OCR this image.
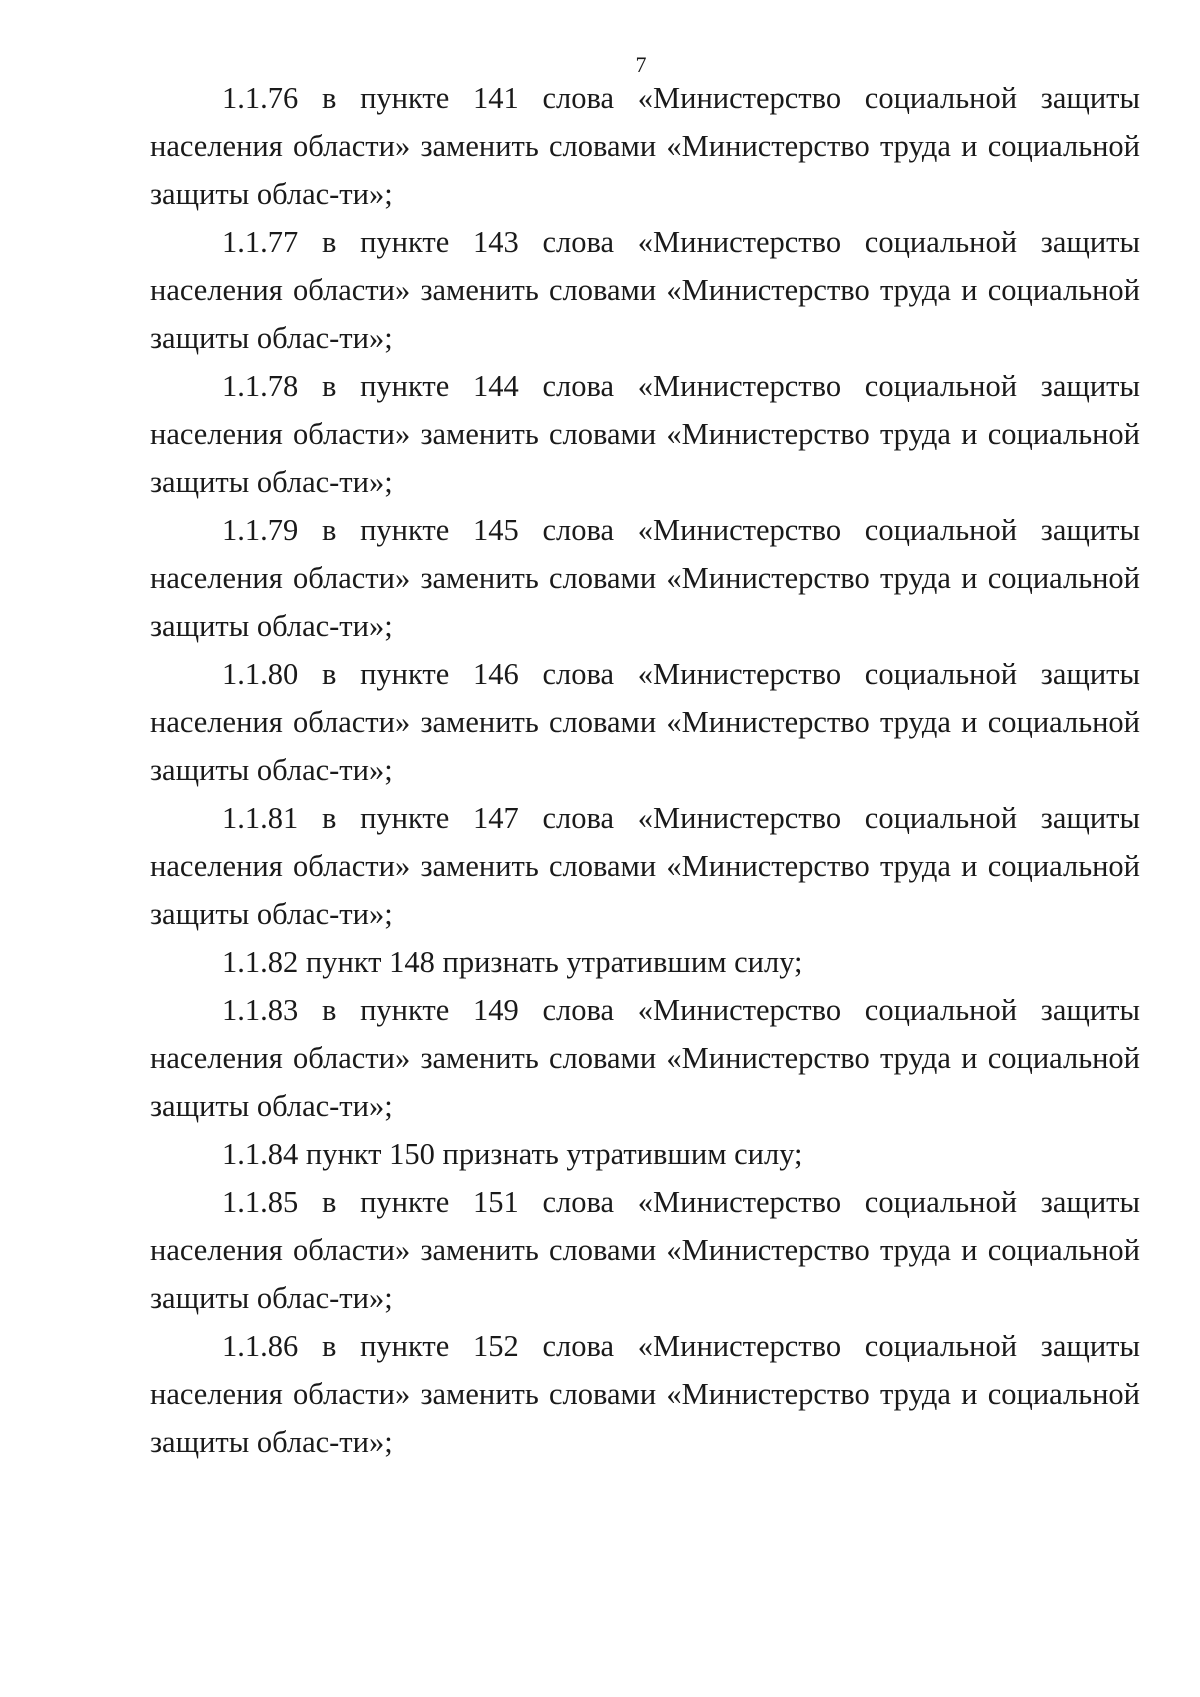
7

1.1.76 в пункте 141 слова «Министерство социальной защиты населения области» заменить словами «Министерство труда и социальной защиты облас-ти»;

1.1.77 в пункте 143 слова «Министерство социальной защиты населения области» заменить словами «Министерство труда и социальной защиты облас-ти»;

1.1.78 в пункте 144 слова «Министерство социальной защиты населения области» заменить словами «Министерство труда и социальной защиты облас-ти»;

1.1.79 в пункте 145 слова «Министерство социальной защиты населения области» заменить словами «Министерство труда и социальной защиты облас-ти»;

1.1.80 в пункте 146 слова «Министерство социальной защиты населения области» заменить словами «Министерство труда и социальной защиты облас-ти»;

1.1.81 в пункте 147 слова «Министерство социальной защиты населения области» заменить словами «Министерство труда и социальной защиты облас-ти»;

1.1.82 пункт 148 признать утратившим силу;

1.1.83 в пункте 149 слова «Министерство социальной защиты населения области» заменить словами «Министерство труда и социальной защиты облас-ти»;

1.1.84 пункт 150 признать утратившим силу;

1.1.85 в пункте 151 слова «Министерство социальной защиты населения области» заменить словами «Министерство труда и социальной защиты облас-ти»;

1.1.86 в пункте 152 слова «Министерство социальной защиты населения области» заменить словами «Министерство труда и социальной защиты облас-ти»;
